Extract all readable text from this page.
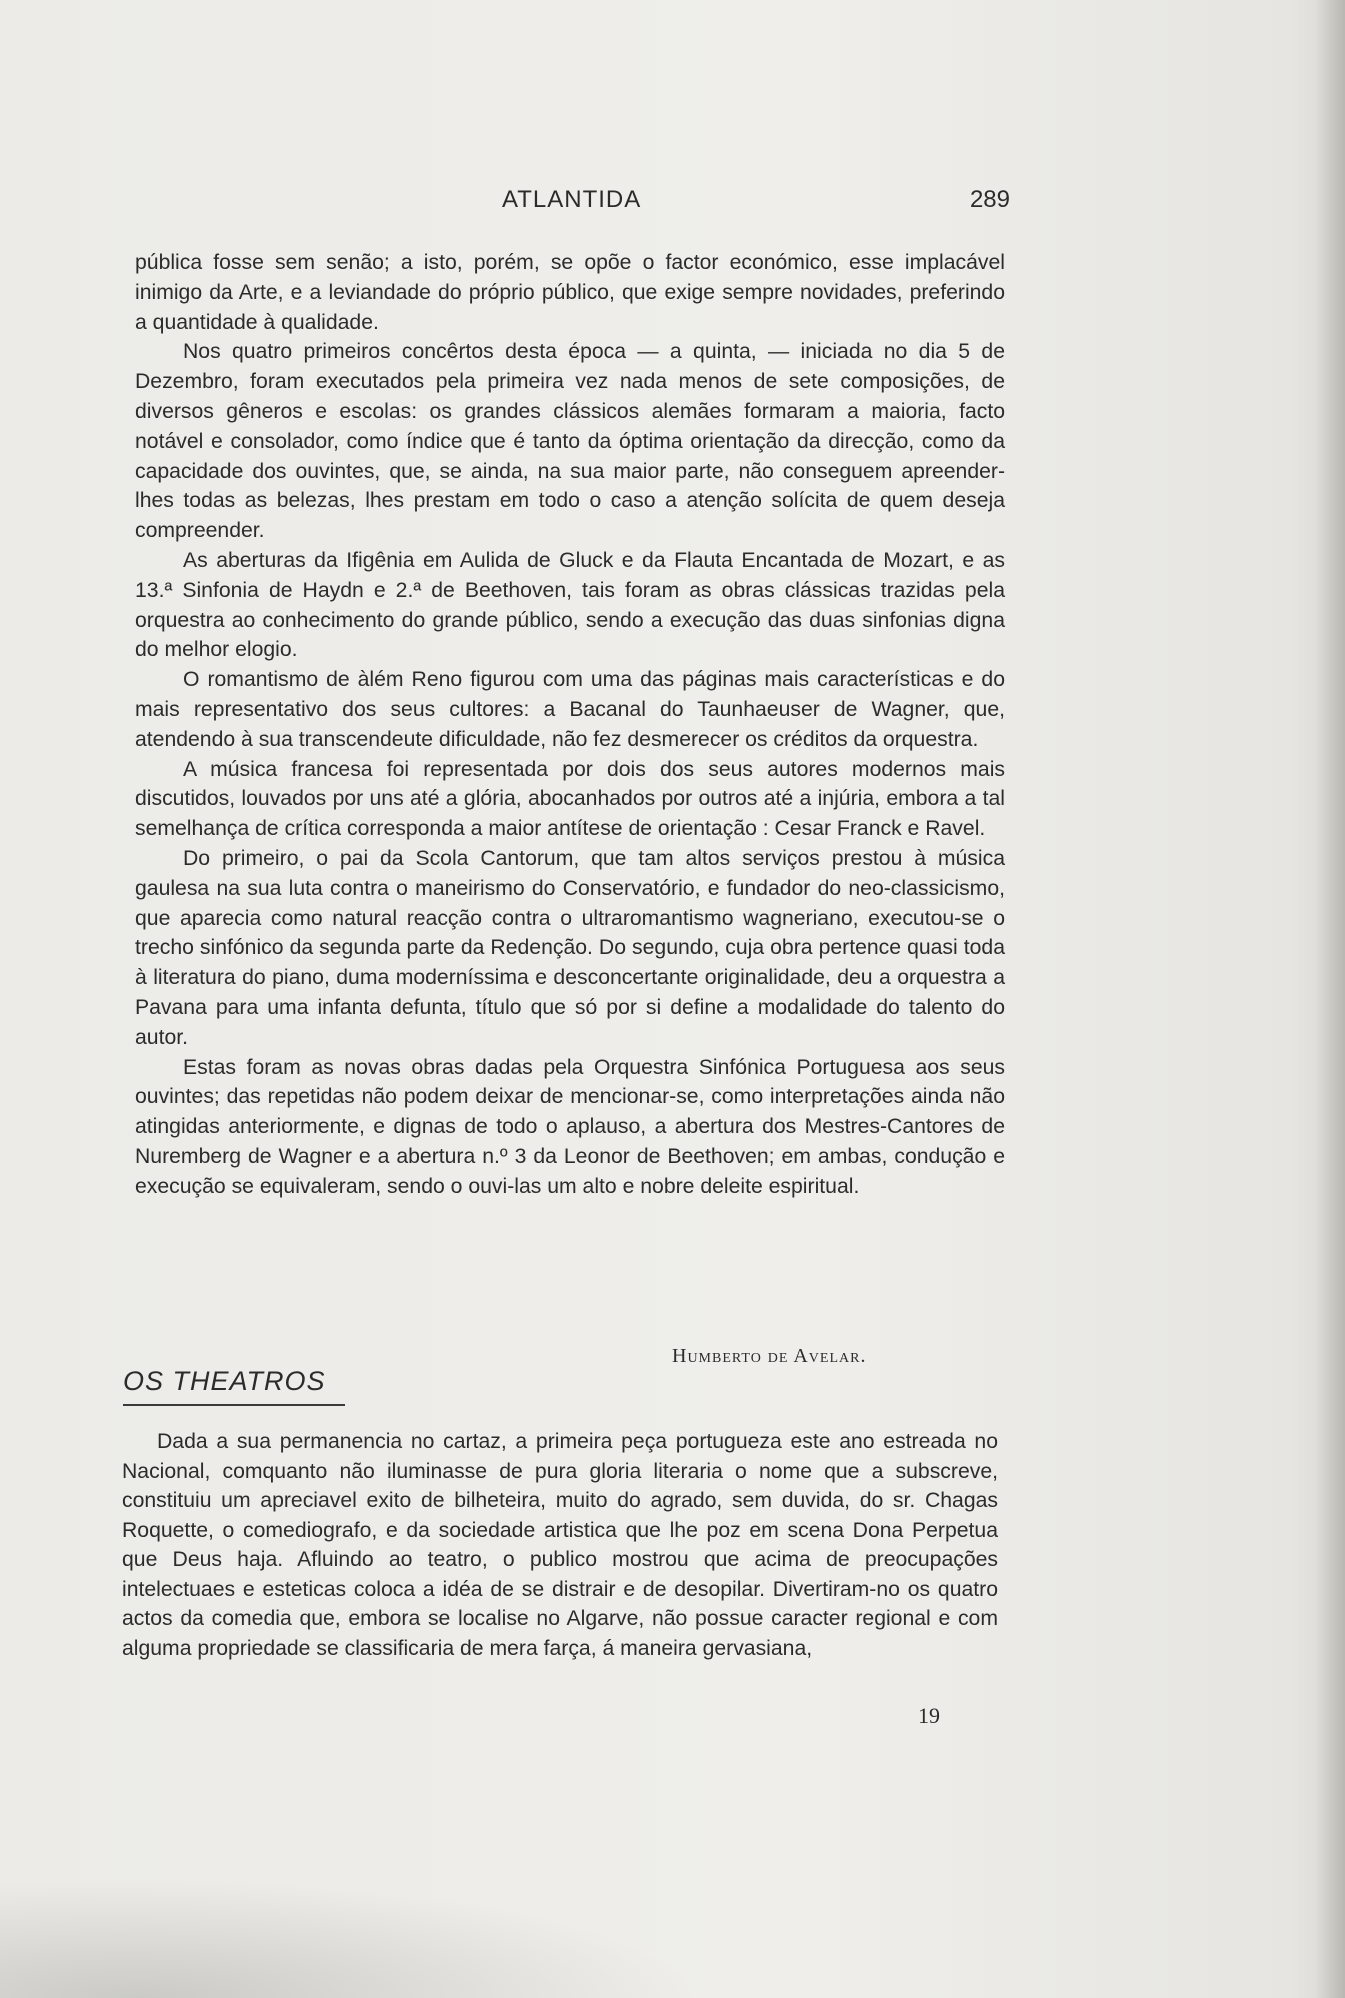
ATLANTIDA	289

pública fosse sem senão; a isto, porém, se opõe o factor económico, esse implacável inimigo da Arte, e a leviandade do próprio público, que exige sempre novidades, preferindo a quantidade à qualidade.

Nos quatro primeiros concêrtos desta época — a quinta, — iniciada no dia 5 de Dezembro, foram executados pela primeira vez nada menos de sete composições, de diversos gêneros e escolas: os grandes clássicos alemães formaram a maioria, facto notável e consolador, como índice que é tanto da óptima orientação da direcção, como da capacidade dos ouvintes, que, se ainda, na sua maior parte, não conseguem apreender-lhes todas as belezas, lhes prestam em todo o caso a atenção solícita de quem deseja compreender.

As aberturas da Ifigênia em Aulida de Gluck e da Flauta Encantada de Mozart, e as 13.ª Sinfonia de Haydn e 2.ª de Beethoven, tais foram as obras clássicas trazidas pela orquestra ao conhecimento do grande público, sendo a execução das duas sinfonias digna do melhor elogio.

O romantismo de àlém Reno figurou com uma das páginas mais características e do mais representativo dos seus cultores: a Bacanal do Taunhaeuser de Wagner, que, atendendo à sua transcendeute dificuldade, não fez desmerecer os créditos da orquestra.

A música francesa foi representada por dois dos seus autores modernos mais discutidos, louvados por uns até a glória, abocanhados por outros até a injúria, embora a tal semelhança de críticа corresponda a maior antítese de orientação : Cesar Franck e Ravel.

Do primeiro, o pai da Scola Cantorum, que tam altos serviços prestou à música gaulesa na sua luta contra o maneirismo do Conservatório, e fundador do neo-classicismo, que aparecia como natural reacção contra o ultraromantismo wagneriano, executou-se o trecho sinfónico da segunda parte da Redenção. Do segundo, cuja obra pertence quasi toda à literatura do piano, duma moderníssima e desconcertante originalidade, deu a orquestra a Pavana para uma infanta defunta, título que só por si define a modalidade do talento do autor.

Estas foram as novas obras dadas pela Orquestra Sinfónica Portuguesa aos seus ouvintes; das repetidas não podem deixar de mencionar-se, como interpretações ainda não atingidas anteriormente, e dignas de todo o aplauso, a abertura dos Mestres-Cantores de Nuremberg de Wagner e a abertura n.º 3 da Leonor de Beethoven; em ambas, condução e execução se equivaleram, sendo o ouvi-las um alto e nobre deleite espiritual.

Humberto de Avelar.
OS THEATROS

Dada a sua permanencia no cartaz, a primeira peça portugueza este ano estreada no Nacional, comquanto não iluminasse de pura gloria literaria o nome que a subscreve, constituiu um apreciavel exito de bilheteira, muito do agrado, sem duvida, do sr. Chagas Roquette, o comediografo, e da sociedade artistica que lhe poz em scena Dona Perpetua que Deus haja. Afluindo ao teatro, o publico mostrou que acima de preocupações intelectuaes e esteticas coloca a idéa de se distrair e de desopilar. Divertiram-no os quatro actos da comedia que, embora se localise no Algarve, não possue caracter regional e com alguma propriedade se classificaria de mera farça, á maneira gervasiana,

19
